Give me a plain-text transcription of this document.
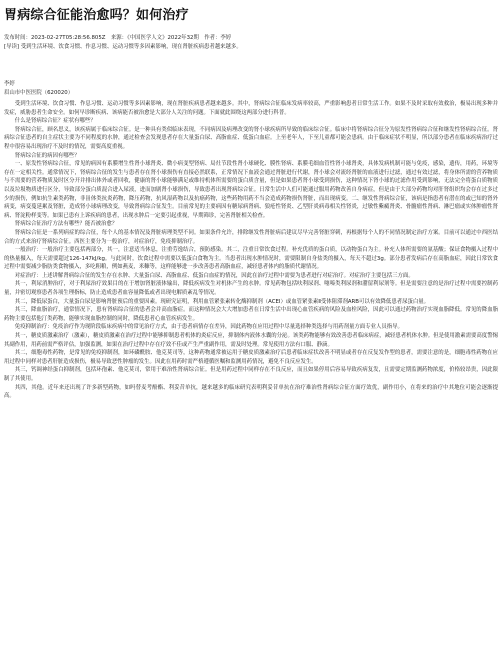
胃病综合征能治愈吗？如何治疗
发布时间：2023-02-27T05:28:56.805Z　来源：《中国医学人文》2022年32期　作者：李婷
[导读] 受到生活环境、饮食习惯、作息习惯、运动习惯等多因素影响，现在肾脏疾病患者越来越多。
李婷
眉山市中医医院（620020）

受到生活环境、饮食习惯、作息习惯、运动习惯等多因素影响，现在肾脏疾病患者越来越多。其中，肾病综合征临床发病率较高，严重影响患者日常生活工作。如果不及时采取有效救治，极易出现多种并发症，威胁患者生命安全。如何早诊断疾病、该病能否被治愈是大部分人关注的问题。下面就此围绕这两部分进行科普。

什么是肾病综合征？症状有哪些？

肾病综合征，顾名思义，该疾病属于临床综合征。是一种具有类似临床表现，不同病因及病理改变的肾小球疾病所导致的临床综合征。临床中将肾病综合征分为原发性肾病综合征和继发性肾病综合征。肾病综合征患者的自主症状主要为不同程度的水肿，通过检查会发现患者存在大量蛋白尿、高脂血症、低蛋白血症。上至老年人，下至儿童都可能会患病。由于临床症状不明显，所以部分患者在临床疾病治疗过程中很容易出现治疗不及时的情况，需要高度重视。

肾病综合征的病因有哪些？

一、原发性肾病综合征，常见的病因有系膜增生性肾小球肾炎、微小病变型肾病、局灶节段性肾小球硬化、膜性肾病、系膜毛细血管性肾小球肾炎，具体发病机制可能与免疫，感染，遗传，用药，环境等存在一定相关性。通常情况下，肾病综合征的发生与患者存在肾小球损伤有直接必然联系，正常情况下血液会通过肾脏进行代谢，肾小球会对流经肾脏的血液进行过滤，通过有效过滤，将身体所需的营养物质与不需要的营养物质及时区分开并排出体外或者回收，健康的肾小球能够满足或维持机体所需要的蛋白质含量，但是如果患者肾小球受到损伤，这种情况下肾小球的过滤作用受到影响，无法完全将蛋白质物质以及垃圾物质进行区分，导致部分蛋白质混合进入尿液，进而加剧肾小球损伤，导致患者出现肾病综合征。日常生活中人们可能通过服用药物改善自身病症，但是由于大部分药物均对肝肾组织均会存在过多过少的损伤，例如抗生素类药物，非甾体类抗炎药物，降压药物，抗风湿药物以及抗癌药物，这些药物用药不当会造成药物损伤肾脏，而出现病变。二、继发性肾病综合征，该病是指患者有潜在的或已知的肾外病变，病变蔓延累及肾脏，造成肾小球病理改变，导致肾病综合征发生。目前常见的主要病因有糖尿病肾病、狼疮性肾炎、乙型肝炎病毒相关性肾炎，过敏性紫癜肾炎、骨髓瘤性肾病、淋巴瘤或实体肿瘤性肾病、肾淀粉样变等。如果已患有上诉疾病的患者，出现水肿后一定要引起重视，早期筛诊，完善肾脏相关检查。

肾病综合征治疗方法有哪些？能否被治愈？

肾病综合征是一系列病症的综合征，每个人的基本情况及肾脏病理类型不同。如果条件允许，排除继发性肾脏病后建议尽早完善肾脏穿刺，再根据每个人的不同情况制定治疗方案。目前可以通过中西医结合的方式来治疗肾病综合征。西医主要分为一般治疗，对症治疗，免疫抑制治疗。

一般治疗：一般治疗主要包括两部分，其一，注意适当休息，注重劳逸结合，预防感染。其二，注重日常饮食过程。补充优质的蛋白质，以动物蛋白为主。补充人体所需要的氨基酸；保证食物摄入过程中的热量摄入，每天需要超过126-147kJ/kg。与此同时，饮食过程中需要以低蛋白食物为主。当患者出现水肿情况时，需要限制自身盐类的摄入，每天不超过3g。部分患者发病后存在高脂血症，因此日常饮食过程中需要减少脂肪类食物摄入，多吃粗粮，例如燕麦，米糠等，这样能够进一步改善患者高脂血症，减轻患者体内的脂质代谢情况。

对症治疗：上述讲解肾病综合征的发生存在水肿、大量蛋白尿、高脂血症、低蛋白血症的情况，因此在治疗过程中需要为患者进行对症治疗。对症治疗主要包括三方面。

其一，利尿消肿治疗，对于利尿治疗效果目的在于增加肾脏液体输出，降低疾病发生对机体产生的水肿。常见药物包括呋利尿剂、噻嗪类利尿剂和潴留利尿剂等。但是需要注意的是治疗过程中需要控制药量，并密切观察患者各项生理指标，防止造成患者血容量降低或者出现电解质紊乱等情况。

其二，降低尿蛋白，大量蛋白尿是影响肾脏预后的重要因素。现研究证明，利用血管紧张素转化酶抑制剂（ACEI）或血管紧张素Ⅱ受体阻滞剂ARB可以有效降低患者尿蛋白量。

其三，降血脂治疗，通常情况下，患有肾病综合征的患者会并高血脂症。而这种情况会大大增加患者在日常生活中出现心血管疾病的风险及血栓风险，因此可以通过药物治疗实现血脂降低。常见的降血脂药物主要包括他汀类药物，能够实现血脂控制的同时，降低患者心血管疾病发生。

免疫抑制治疗：免疫治疗作为现阶段临床疾病中的常见治疗方式，由于患者病情存在差异，因此药物在应用过程中尽量选择种类选择与用药剂量方面专业人员指导。

其一，糖皮质激素治疗（激素），糖皮质激素在治疗过程中能够抑制患者机体的炎症反应，抑制体内液体水囊的分泌。该类药物能够有效改善患者临床病症，减轻患者机体水肿。但是使用激素需要高度警惕其副作用，用药前需严格评估，加强监测，如果在治疗过程中存在疗效不佳或产生严重副作用，需及时处理。常见使用方法有口服、静滴。

其二，细胞毒性药物，是常见的免疫抑制剂，如环磷酰胺、他克莫司等，这种药物通常被运用于糖皮质激素治疗后患者临床症状改善不明显或者存在反复发作型的患者，需要注意的是，细胞毒性药物在应用过程中同样对患者肝脏造成损伤，极易导致恶性肿瘤的发生。因此在用药时需严格遵循医嘱和监测用药情况，避免不良反应发生。

其三，钙调神经蛋白抑制剂，包括环孢素、他克莫司，常用于难治性肾病综合征。但是用药过程中同样存在不良反应，而且如果停用后容易导致疾病复发，且需要定期监测药物浓度，价格较昂贵，因此限制了其使用。

其四，其他。近年来还出现了许多新型药物，如吗替麦考酚酯、利妥昔单抗，越来越多的临床研究表明利妥昔单抗在治疗难治性肾病综合征方面疗效优，副作用小，在将来的治疗中其地位可能会逐渐提高。
